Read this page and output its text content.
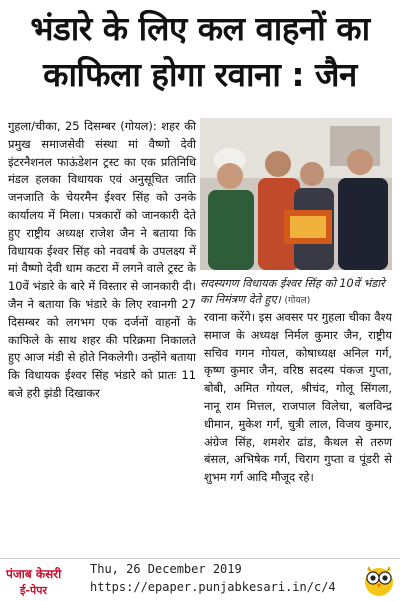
भंडारे के लिए कल वाहनों का
काफिला होगा रवाना : जैन

गुहला/चीका, 25 दिसम्बर (गोयल): शहर की प्रमुख समाजसेवी संस्था मां वैष्णो देवी इंटरनैशनल फाऊंडेशन ट्रस्ट का एक प्रतिनिधि मंडल हलका विधायक एवं अनुसूचित जाति जनजाति के चेयरमैन ईश्वर सिंह को उनके कार्यालय में मिला। पत्रकारों को जानकारी देते हुए राष्ट्रीय अध्यक्ष राजेश जैन ने बताया कि विधायक ईश्वर सिंह को नववर्ष के उपलक्ष्य में मां वैष्णो देवी धाम कटरा में लगने वाले ट्रस्ट के 10वें भंडारे के बारे में विस्तार से जानकारी दी। जैन ने बताया कि भंडारे के लिए रवानगी 27 दिसम्बर को लगभग एक दर्जनों वाहनों के काफिले के साथ शहर की परिक्रमा निकालते हुए आज मंडी से होते निकलेगी। उन्होंने बताया कि विधायक ईश्वर सिंह भंडारे को प्रातः 11 बजे हरी झंडी दिखाकर

सदस्यगण विधायक ईश्वर सिंह को 10वें भंडारे का निमंत्रण देते हुए। (गोयल)

रवाना करेंगे। इस अवसर पर गुहला चीका वैश्य समाज के अध्यक्ष निर्मल कुमार जैन, राष्ट्रीय सचिव गगन गोयल, कोषाध्यक्ष अनिल गर्ग, कृष्ण कुमार जैन, वरिष्ठ सदस्य पंकज गुप्ता, बोबी, अमित गोयल, श्रीचंद, गोलू सिंगला, नानू राम मित्तल, राजपाल विलेचा, बलविन्द्र धीमान, मुकेश गर्ग, चुत्री लाल, विजय कुमार, अंग्रेज सिंह, शमशेर ढांड, कैथल से तरुण बंसल, अभिषेक गर्ग, चिराग गुप्ता व पूंडरी से शुभम गर्ग आदि मौजूद रहे।

पंजाब केसरी
ई-पेपर
Thu, 26 December 2019
https://epaper.punjabkesari.in/c/4
